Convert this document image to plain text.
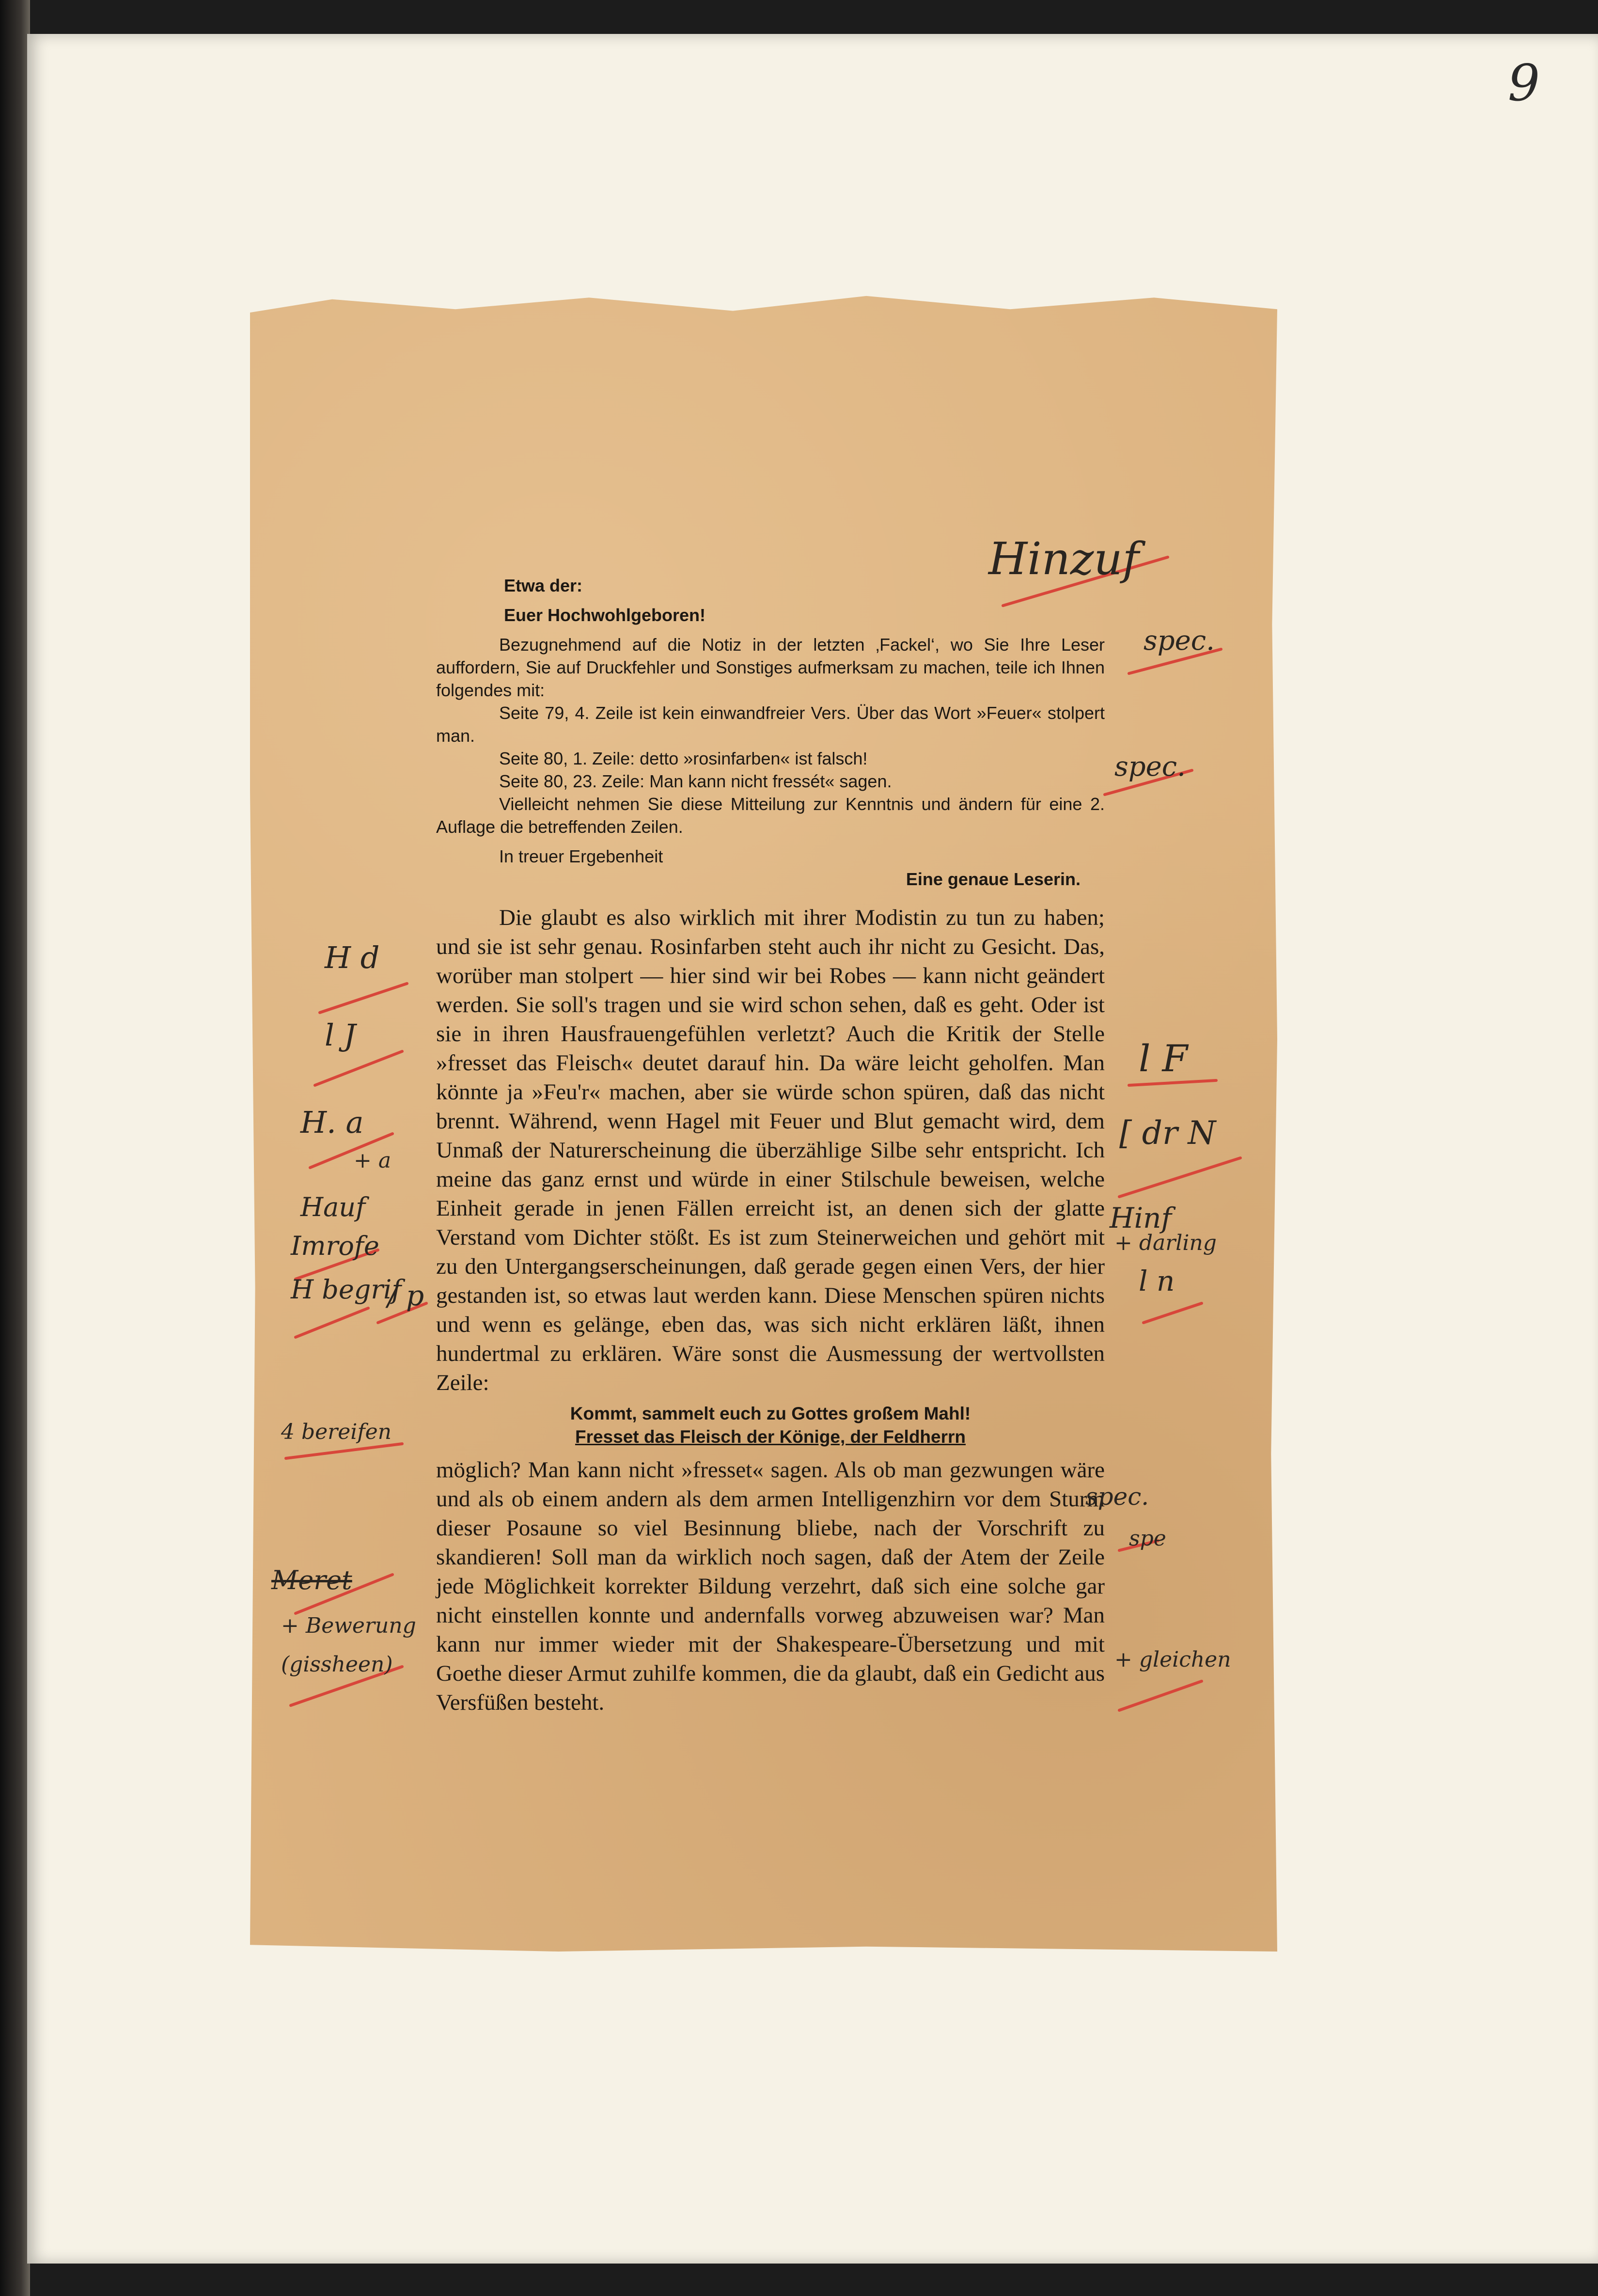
9
Etwa der:
Euer Hochwohlgeboren!
Bezugnehmend auf die Notiz in der letzten ‚Fackel‘, wo Sie Ihre Leser auffordern, Sie auf Druckfehler und Sonstiges aufmerksam zu machen, teile ich Ihnen folgendes mit:
Seite 79, 4. Zeile ist kein einwandfreier Vers. Über das Wort »Feuer« stolpert man.
Seite 80, 1. Zeile: detto »rosinfarben« ist falsch!
Seite 80, 23. Zeile: Man kann nicht fressét« sagen.
Vielleicht nehmen Sie diese Mitteilung zur Kenntnis und ändern für eine 2. Auflage die betreffenden Zeilen.
In treuer Ergebenheit
Eine genaue Leserin.
Die glaubt es also wirklich mit ihrer Modistin zu tun zu haben; und sie ist sehr genau. Rosinfarben steht auch ihr nicht zu Gesicht. Das, worüber man stolpert — hier sind wir bei Robes — kann nicht geändert werden. Sie soll's tragen und sie wird schon sehen, daß es geht. Oder ist sie in ihren Hausfrauengefühlen verletzt? Auch die Kritik der Stelle »fresset das Fleisch« deutet darauf hin. Da wäre leicht geholfen. Man könnte ja »Feu'r« machen, aber sie würde schon spüren, daß das nicht brennt. Während, wenn Hagel mit Feuer und Blut gemacht wird, dem Unmaß der Naturerscheinung die überzählige Silbe sehr entspricht. Ich meine das ganz ernst und würde in einer Stilschule beweisen, welche Einheit gerade in jenen Fällen erreicht ist, an denen sich der glatte Verstand vom Dichter stößt. Es ist zum Steinerweichen und gehört mit zu den Untergangserscheinungen, daß gerade gegen einen Vers, der hier gestanden ist, so etwas laut werden kann. Diese Menschen spüren nichts und wenn es gelänge, eben das, was sich nicht erklären läßt, ihnen hundertmal zu erklären. Wäre sonst die Ausmessung der wertvollsten Zeile:
Kommt, sammelt euch zu Gottes großem Mahl!
Fresset das Fleisch der Könige, der Feldherrn
möglich? Man kann nicht »fresset« sagen. Als ob man gezwungen wäre und als ob einem andern als dem armen Intelligenzhirn vor dem Sturm dieser Posaune so viel Besinnung bliebe, nach der Vorschrift zu skandieren! Soll man da wirklich noch sagen, daß der Atem der Zeile jede Möglichkeit korrekter Bildung verzehrt, daß sich eine solche gar nicht einstellen konnte und andernfalls vorweg abzuweisen war? Man kann nur immer wieder mit der Shakespeare-Übersetzung und mit Goethe dieser Armut zuhilfe kommen, die da glaubt, daß ein Gedicht aus Versfüßen besteht.
Hinzuf
spec.
spec.
H d
l J
H. a
+ a
Hauf
Imrofe
H begrif
/ p
l F
[ dr N
Hinf
+ darling
l n
4 bereifen
spec.
spe
Meret
+ Bewerung
(gissheen)	+ gleichen
